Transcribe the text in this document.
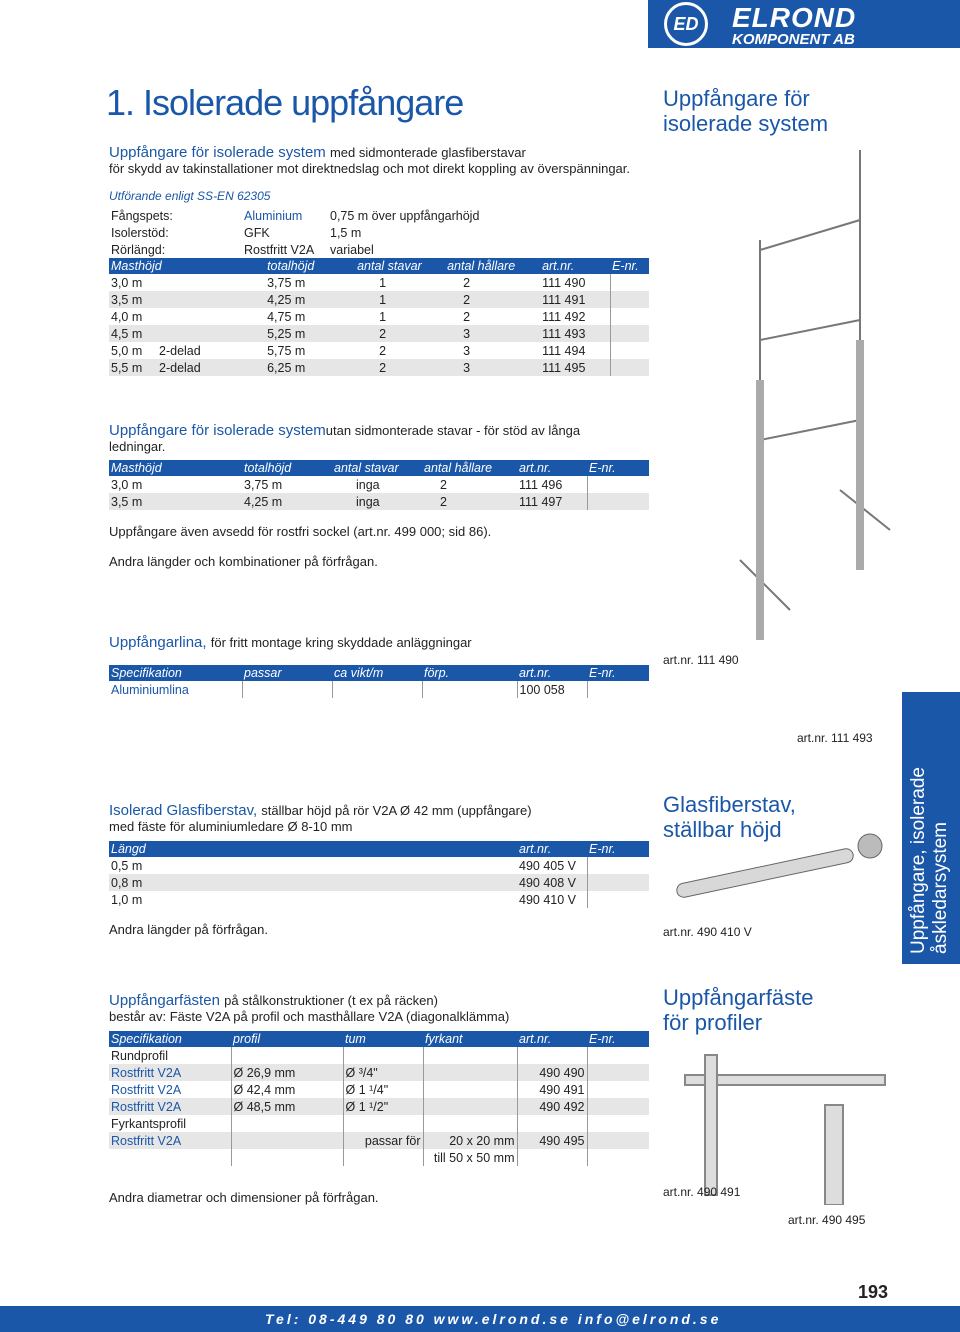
ED	ELROND
KOMPONENT AB
1. Isolerade uppfångare	Uppfångare för isolerade system
Uppfångare för isolerade system med sidmonterade glasfiberstavar
för skydd av takinstallationer mot direktnedslag och mot direkt koppling av överspänningar.
Utförande enligt SS-EN 62305
Fångspets:	Aluminium	0,75 m över uppfångarhöjd
Isolerstöd:	GFK	1,5 m
Rörlängd:	Rostfritt V2A	variabel
Masthöjd		totalhöjd	antal stavar	antal hållare	art.nr.	E-nr.
3,0 m		3,75 m	1	2	111 490	
3,5 m		4,25 m	1	2	111 491	
4,0 m		4,75 m	1	2	111 492	
4,5 m		5,25 m	2	3	111 493	
5,0 m	2-delad	5,75 m	2	3	111 494	
5,5 m	2-delad	6,25 m	2	3	111 495	
Uppfångare för isolerade systemutan sidmonterade stavar - för stöd av långa
ledningar.
Masthöjd	totalhöjd	antal stavar	antal hållare	art.nr.	E-nr.
3,0 m	3,75 m	inga	2	111 496	
3,5 m	4,25 m	inga	2	111 497	
Uppfångare även avsedd för rostfri sockel (art.nr. 499 000; sid 86).
Andra längder och kombinationer på förfrågan.
Uppfångarlina, för fritt montage kring skyddade anläggningar
Specifikation	passar	ca vikt/m	förp.	art.nr.	E-nr.
Aluminiumlina				100 058	
Isolerad Glasfiberstav, ställbar höjd på rör V2A Ø 42 mm (uppfångare)
med fäste för aluminiumledare Ø 8-10 mm
Längd	art.nr.	E-nr.
0,5 m	490 405 V	
0,8 m	490 408 V	
1,0 m	490 410 V	
Andra längder på förfrågan.
Glasfiberstav, ställbar höjd
Uppfångarfästen på stålkonstruktioner (t ex på räcken)
består av: Fäste V2A på profil och masthållare V2A (diagonalklämma)
Specifikation	profil	tum	fyrkant	art.nr.	E-nr.
Rundprofil					
Rostfritt V2A	Ø 26,9 mm	Ø ³/4"		490 490	
Rostfritt V2A	Ø 42,4 mm	Ø 1 ¹/4"		490 491	
Rostfritt V2A	Ø 48,5 mm	Ø 1 ¹/2"		490 492	
Fyrkantsprofil					
Rostfritt V2A		passar för	20 x 20 mm	490 495	
			till 50 x 50 mm		
Andra diametrar och dimensioner på förfrågan.
Uppfångarfäste för profiler
art.nr. 111 490
art.nr. 111 493
art.nr. 490 410 V
art.nr. 490 491
art.nr. 490 495
Uppfångare, isolerade åskledarsystem
193
Tel: 08-449 80 80 www.elrond.se info@elrond.se
